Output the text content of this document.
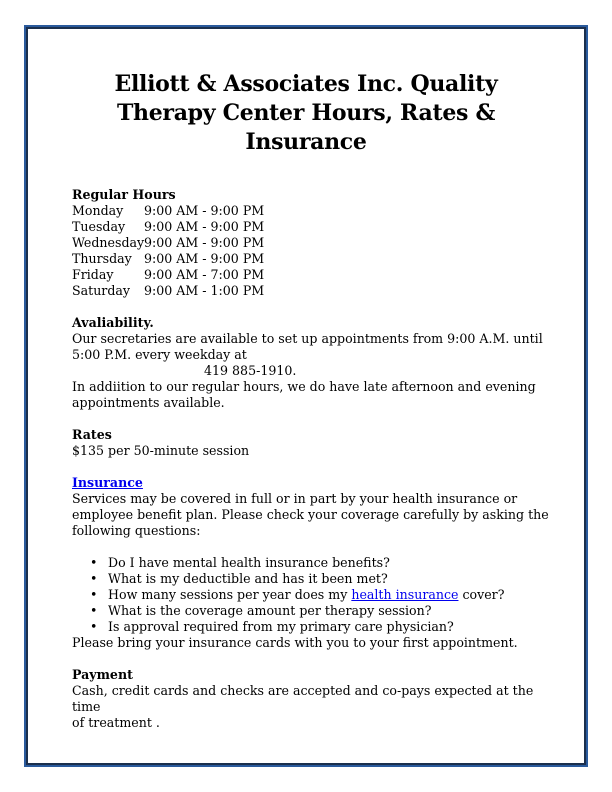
Elliott & Associates Inc. Quality
Therapy Center Hours, Rates &
Insurance
Regular Hours
Monday	9:00 AM - 9:00 PM
Tuesday	9:00 AM - 9:00 PM
Wednesday 9:00 AM - 9:00 PM
Thursday 9:00 AM - 9:00 PM
Friday	9:00 AM - 7:00 PM
Saturday	9:00 AM - 1:00 PM
Avaliability.

Our secretaries are available to set up appointments from 9:00 A.M. until

5:00 P.M. every weekday at

419 885-1910.

In addiition to our regular hours, we do have late afternoon and evening

appointments available.

Rates

$135 per 50-minute session

Insurance

Services may be covered in full or in part by your health insurance or

employee benefit plan. Please check your coverage carefully by asking the

following questions:

• Do I have mental health insurance benefits?
• What is my deductible and has it been met?
• How many sessions per year does my health insurance cover?
• What is the coverage amount per therapy session?
• Is approval required from my primary care physician?

Please bring your insurance cards with you to your first appointment.

Payment

Cash, credit cards and checks are accepted and co-pays expected at the time

of treatment .
